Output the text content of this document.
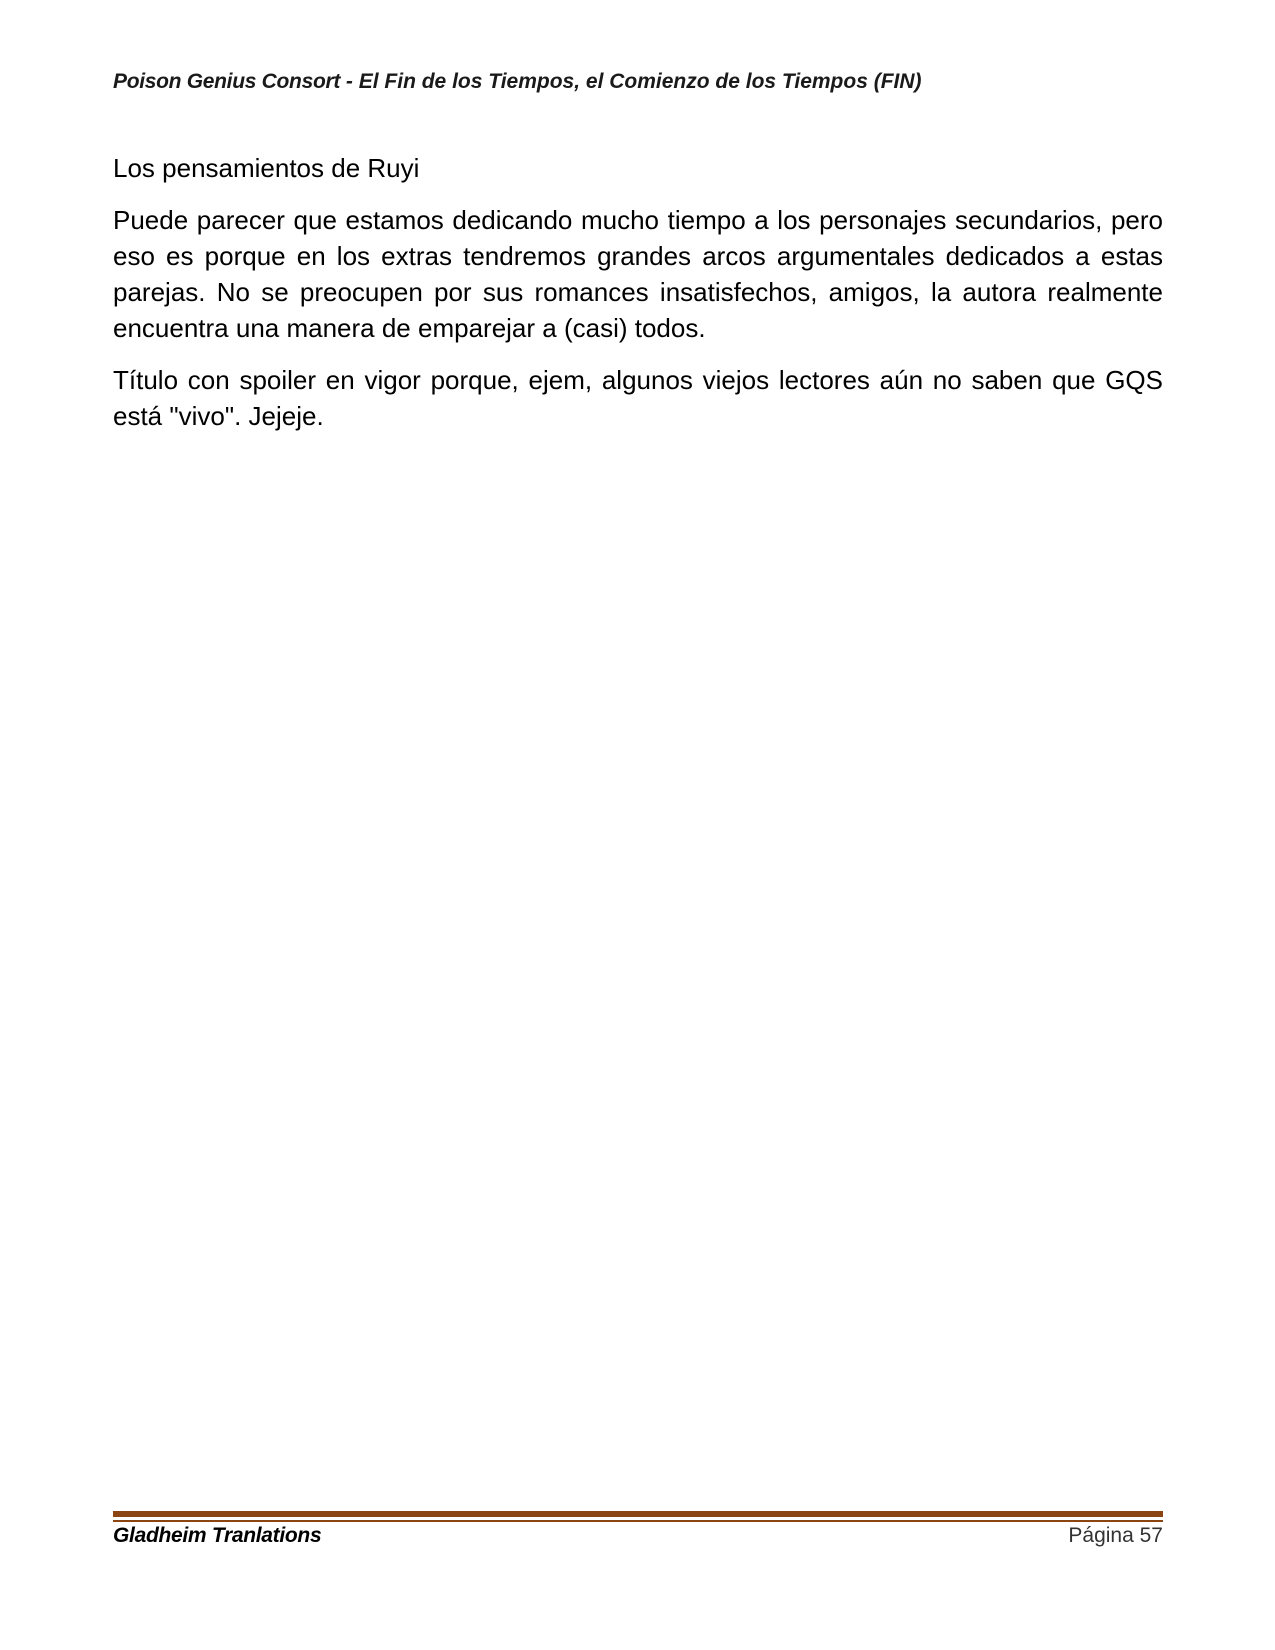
Poison Genius Consort - El Fin de los Tiempos, el Comienzo de los Tiempos (FIN)

Los pensamientos de Ruyi

Puede parecer que estamos dedicando mucho tiempo a los personajes secundarios, pero eso es porque en los extras tendremos grandes arcos argumentales dedicados a estas parejas. No se preocupen por sus romances insatisfechos, amigos, la autora realmente encuentra una manera de emparejar a (casi) todos.

Título con spoiler en vigor porque, ejem, algunos viejos lectores aún no saben que GQS está "vivo". Jejeje.

Gladheim Tranlations	Página 57
